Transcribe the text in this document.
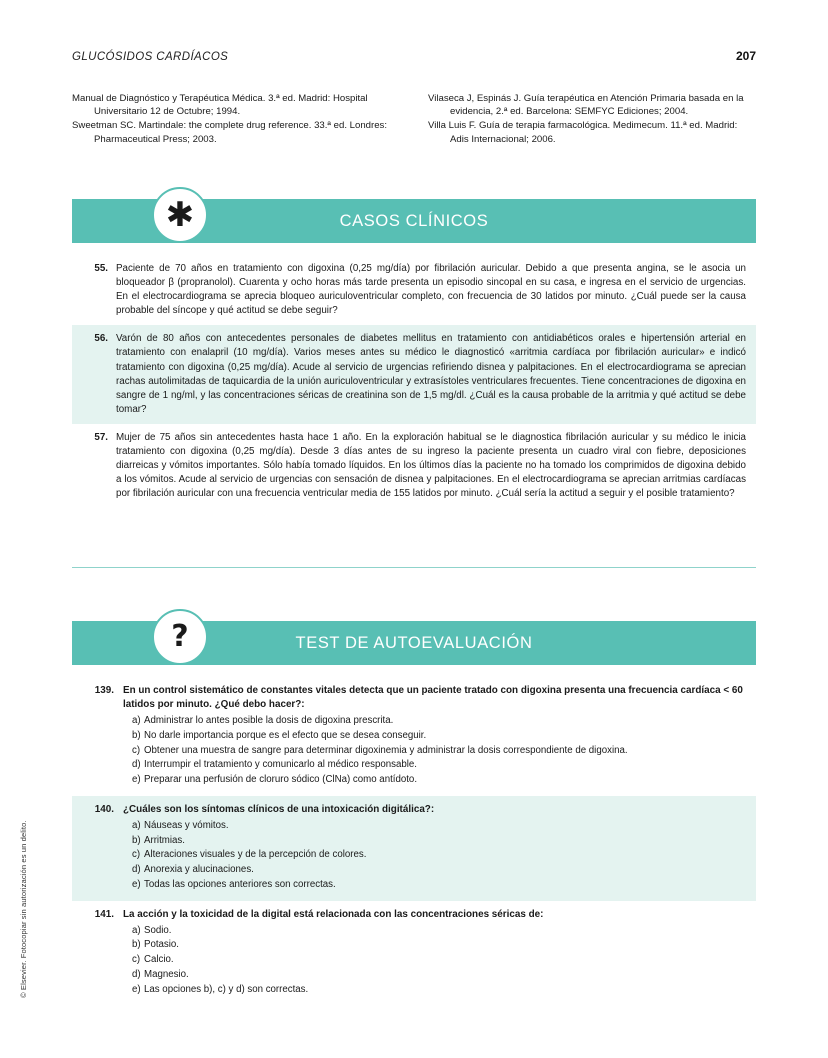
GLUCÓSIDOS CARDÍACOS	207
Manual de Diagnóstico y Terapéutica Médica. 3.ª ed. Madrid: Hospital Universitario 12 de Octubre; 1994.
Sweetman SC. Martindale: the complete drug reference. 33.ª ed. Londres: Pharmaceutical Press; 2003.
Vilaseca J, Espinás J. Guía terapéutica en Atención Primaria basada en la evidencia, 2.ª ed. Barcelona: SEMFYC Ediciones; 2004.
Villa Luis F. Guía de terapia farmacológica. Medimecum. 11.ª ed. Madrid: Adis Internacional; 2006.
✱	CASOS CLÍNICOS
55. Paciente de 70 años en tratamiento con digoxina (0,25 mg/día) por fibrilación auricular. Debido a que presenta angina, se le asocia un bloqueador β (propranolol). Cuarenta y ocho horas más tarde presenta un episodio sincopal en su casa, e ingresa en el servicio de urgencias. En el electrocardiograma se aprecia bloqueo auriculoventricular completo, con frecuencia de 30 latidos por minuto. ¿Cuál puede ser la causa probable del síncope y qué actitud se debe seguir?
56. Varón de 80 años con antecedentes personales de diabetes mellitus en tratamiento con antidiabéticos orales e hipertensión arterial en tratamiento con enalapril (10 mg/día). Varios meses antes su médico le diagnosticó «arritmia cardíaca por fibrilación auricular» e indicó tratamiento con digoxina (0,25 mg/día). Acude al servicio de urgencias refiriendo disnea y palpitaciones. En el electrocardiograma se aprecian rachas autolimitadas de taquicardia de la unión auriculoventricular y extrasístoles ventriculares frecuentes. Tiene concentraciones de digoxina en sangre de 1 ng/ml, y las concentraciones séricas de creatinina son de 1,5 mg/dl. ¿Cuál es la causa probable de la arritmia y qué actitud se debe tomar?
57. Mujer de 75 años sin antecedentes hasta hace 1 año. En la exploración habitual se le diagnostica fibrilación auricular y su médico le inicia tratamiento con digoxina (0,25 mg/día). Desde 3 días antes de su ingreso la paciente presenta un cuadro viral con fiebre, deposiciones diarreicas y vómitos importantes. Sólo había tomado líquidos. En los últimos días la paciente no ha tomado los comprimidos de digoxina debido a los vómitos. Acude al servicio de urgencias con sensación de disnea y palpitaciones. En el electrocardiograma se aprecian arritmias cardíacas por fibrilación auricular con una frecuencia ventricular media de 155 latidos por minuto. ¿Cuál sería la actitud a seguir y el posible tratamiento?
?	TEST DE AUTOEVALUACIÓN
139. En un control sistemático de constantes vitales detecta que un paciente tratado con digoxina presenta una frecuencia cardíaca < 60 latidos por minuto. ¿Qué debo hacer?:
a) Administrar lo antes posible la dosis de digoxina prescrita.
b) No darle importancia porque es el efecto que se desea conseguir.
c) Obtener una muestra de sangre para determinar digoxinemia y administrar la dosis correspondiente de digoxina.
d) Interrumpir el tratamiento y comunicarlo al médico responsable.
e) Preparar una perfusión de cloruro sódico (ClNa) como antídoto.
140. ¿Cuáles son los síntomas clínicos de una intoxicación digitálica?:
a) Náuseas y vómitos.
b) Arritmias.
c) Alteraciones visuales y de la percepción de colores.
d) Anorexia y alucinaciones.
e) Todas las opciones anteriores son correctas.
141. La acción y la toxicidad de la digital está relacionada con las concentraciones séricas de:
a) Sodio.
b) Potasio.
c) Calcio.
d) Magnesio.
e) Las opciones b), c) y d) son correctas.
© Elsevier. Fotocopiar sin autorización es un delito.
